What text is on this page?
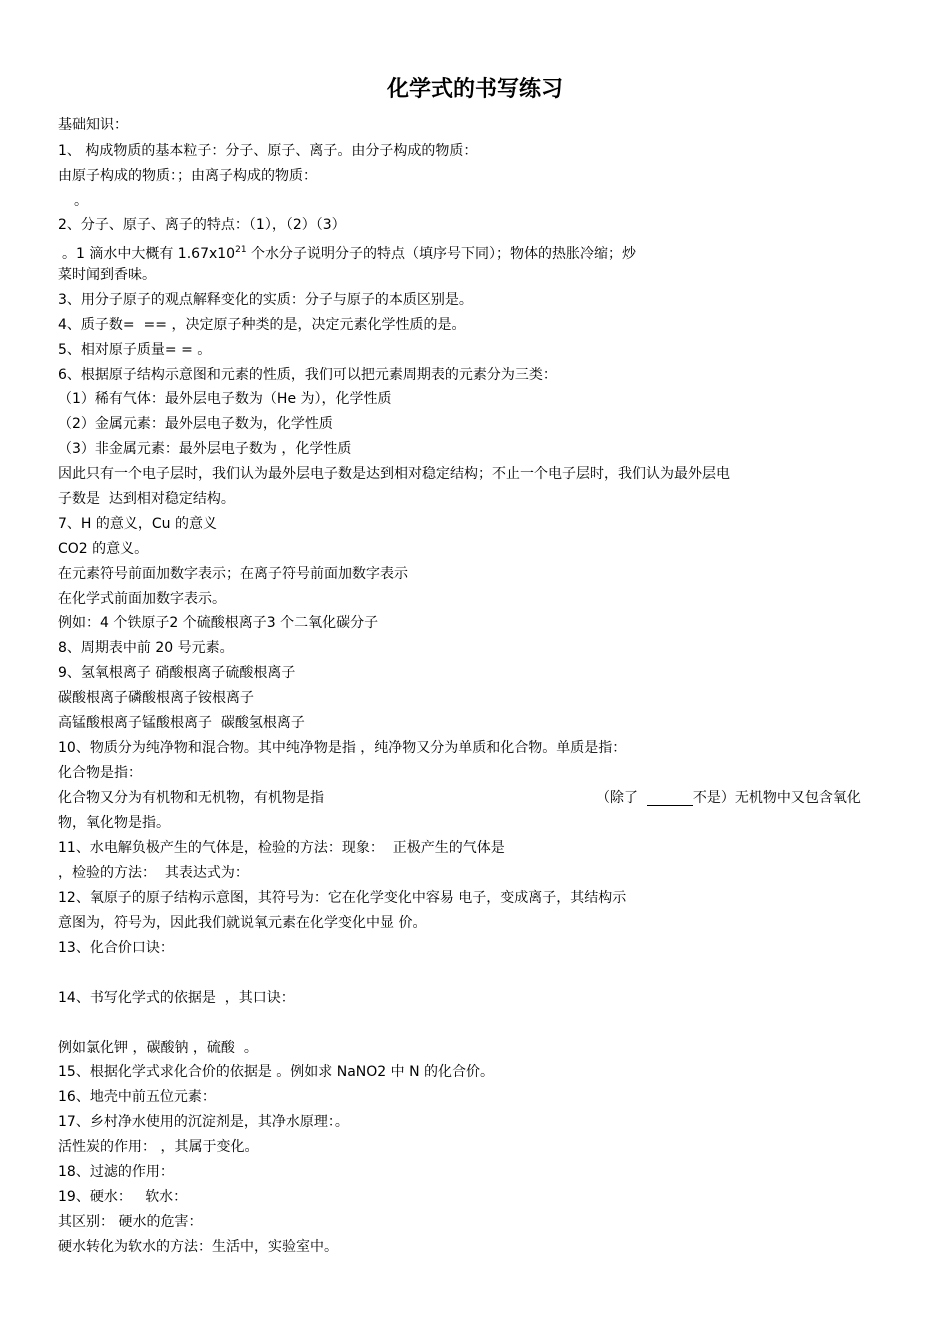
化学式的书写练习
基础知识：
1、 构成物质的基本粒子：分子、原子、离子。由分子构成的物质：
由原子构成的物质：；由离子构成的物质：
。
2、分子、原子、离子的特点：（1），（2）（3）
。1 滴水中大概有 $1.67x10^{21}$ 个水分子说明分子的特点（填序号下同）；物体的热胀冷缩；炒
菜时闻到香味。
3、用分子原子的观点解释变化的实质：分子与原子的本质区别是。
4、质子数= == ，决定原子种类的是，决定元素化学性质的是。
5、相对原子质量= = 。
6、根据原子结构示意图和元素的性质，我们可以把元素周期表的元素分为三类：
（1）稀有气体：最外层电子数为（He 为），化学性质
（2）金属元素：最外层电子数为，化学性质
（3）非金属元素：最外层电子数为 ，化学性质
因此只有一个电子层时，我们认为最外层电子数是达到相对稳定结构；不止一个电子层时，我们认为最外层电
子数是 达到相对稳定结构。
7、H 的意义，Cu 的意义
CO2 的意义。
在元素符号前面加数字表示；在离子符号前面加数字表示
在化学式前面加数字表示。
例如：4 个铁原子2 个硫酸根离子3 个二氧化碳分子
8、周期表中前 20 号元素。
9、氢氧根离子 硝酸根离子硫酸根离子
碳酸根离子磷酸根离子铵根离子
高锰酸根离子锰酸根离子 碳酸氢根离子
10、物质分为纯净物和混合物。其中纯净物是指 ，纯净物又分为单质和化合物。单质是指：
化合物是指：
化合物又分为有机物和无机物，有机物是指	（除了	不是）无机物中又包含氧化
物，氧化物是指。
11、水电解负极产生的气体是，检验的方法：现象： 正极产生的气体是
，检验的方法： 其表达式为：
12、氧原子的原子结构示意图，其符号为：它在化学变化中容易 电子，变成离子，其结构示
意图为，符号为，因此我们就说氧元素在化学变化中显 价。
13、化合价口诀：
14、书写化学式的依据是 ，其口诀：
例如氯化钾 ，碳酸钠 ，硫酸 。
15、根据化学式求化合价的依据是 。例如求 NaNO2 中 N 的化合价。
16、地壳中前五位元素：
17、乡村净水使用的沉淀剂是，其净水原理：。
活性炭的作用： ，其属于变化。
18、过滤的作用：
19、硬水： 软水：
其区别： 硬水的危害：
硬水转化为软水的方法：生活中，实验室中。
